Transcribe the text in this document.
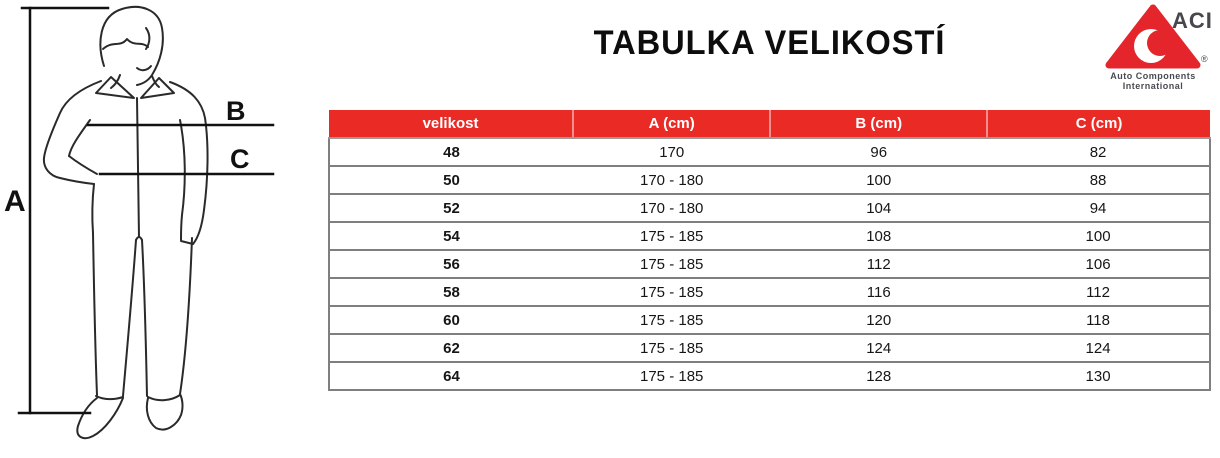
A
B
C
TABULKA VELIKOSTÍ
ACI
®
Auto Components
International
velikost	A (cm)	B (cm)	C (cm)
48	170	96	82
50	170 - 180	100	88
52	170 - 180	104	94
54	175 - 185	108	100
56	175 - 185	112	106
58	175 - 185	116	112
60	175 - 185	120	118
62	175 - 185	124	124
64	175 - 185	128	130
